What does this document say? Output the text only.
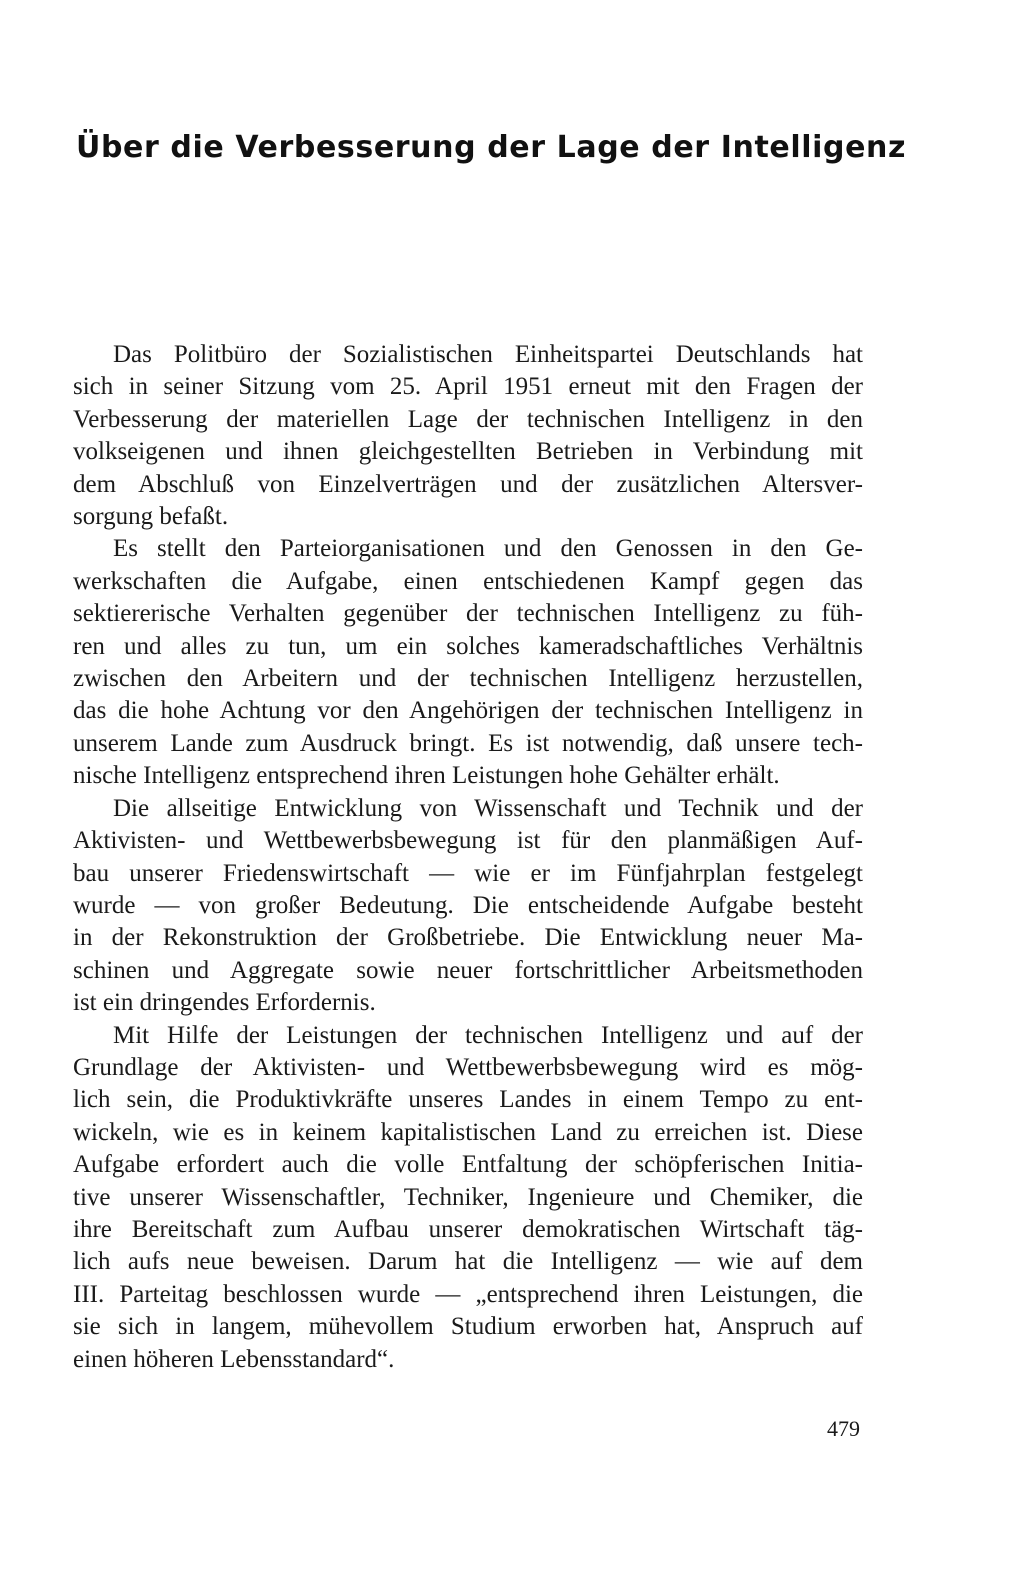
Über die Verbesserung der Lage der Intelligenz

Das Politbüro der Sozialistischen Einheitspartei Deutschlands hat
sich in seiner Sitzung vom 25. April 1951 erneut mit den Fragen der
Verbesserung der materiellen Lage der technischen Intelligenz in den
volkseigenen und ihnen gleichgestellten Betrieben in Verbindung mit
dem Abschluß von Einzelverträgen und der zusätzlichen Altersver-
sorgung befaßt.

Es stellt den Parteiorganisationen und den Genossen in den Ge-
werkschaften die Aufgabe, einen entschiedenen Kampf gegen das
sektiererische Verhalten gegenüber der technischen Intelligenz zu füh-
ren und alles zu tun, um ein solches kameradschaftliches Verhältnis
zwischen den Arbeitern und der technischen Intelligenz herzustellen,
das die hohe Achtung vor den Angehörigen der technischen Intelligenz in
unserem Lande zum Ausdruck bringt. Es ist notwendig, daß unsere tech-
nische Intelligenz entsprechend ihren Leistungen hohe Gehälter erhält.

Die allseitige Entwicklung von Wissenschaft und Technik und der
Aktivisten- und Wettbewerbsbewegung ist für den planmäßigen Auf-
bau unserer Friedenswirtschaft — wie er im Fünfjahrplan festgelegt
wurde — von großer Bedeutung. Die entscheidende Aufgabe besteht
in der Rekonstruktion der Großbetriebe. Die Entwicklung neuer Ma-
schinen und Aggregate sowie neuer fortschrittlicher Arbeitsmethoden
ist ein dringendes Erfordernis.

Mit Hilfe der Leistungen der technischen Intelligenz und auf der
Grundlage der Aktivisten- und Wettbewerbsbewegung wird es mög-
lich sein, die Produktivkräfte unseres Landes in einem Tempo zu ent-
wickeln, wie es in keinem kapitalistischen Land zu erreichen ist. Diese
Aufgabe erfordert auch die volle Entfaltung der schöpferischen Initia-
tive unserer Wissenschaftler, Techniker, Ingenieure und Chemiker, die
ihre Bereitschaft zum Aufbau unserer demokratischen Wirtschaft täg-
lich aufs neue beweisen. Darum hat die Intelligenz — wie auf dem
III. Parteitag beschlossen wurde — „entsprechend ihren Leistungen, die
sie sich in langem, mühevollem Studium erworben hat, Anspruch auf
einen höheren Lebensstandard“.

479
